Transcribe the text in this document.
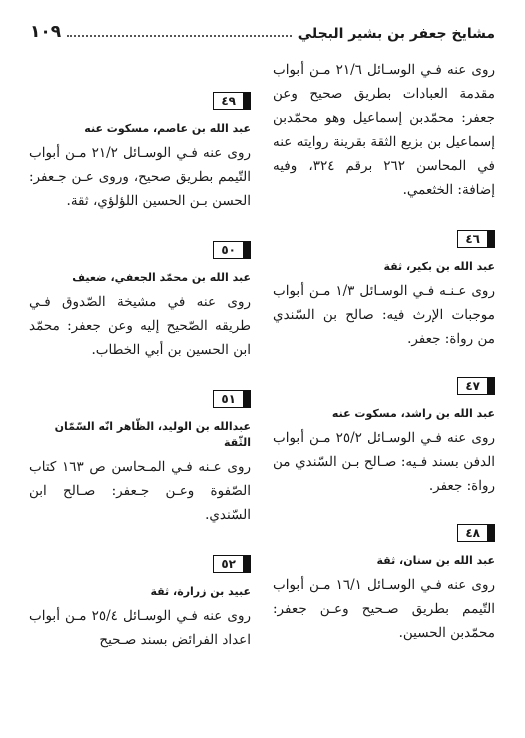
١٠٩	مشايخ جعفر بن بشير البجلي

روى عنه فـي الوسـائل ٢١/٦ مـن أبواب مقدمة العبادات بطريق صحيح وعن جعفر: محمّدبن إسماعيل وهو محمّدبن إسماعيل بن بزيع الثقة بقرينة روايته عنه في المحاسن ٢٦٢ برقم ٣٢٤، وفيه إضافة: الخثعمي.

٤٦
عبد الله بن بكير، ثقة

روى عـنـه فـي الوسـائل ١/٣ مـن أبواب موجبات الإرث فيه: صالح بن السّندي من رواة: جعفر.

٤٧
عبد الله بن راشد، مسكوت عنه

روى عنه فـي الوسـائل ٢٥/٢ مـن أبواب الدفن بسند فـيه: صـالح بـن السّندي من رواة: جعفر.

٤٨
عبد الله بن سنان، ثقة

روى عنه فـي الوسـائل ١٦/١ مـن أبواب التّيمم بطريق صـحيح وعـن جعفر: محمّدبن الحسين.

٤٩
عبد الله بن عاصم، مسكوت عنه

روى عنه فـي الوسـائل ٢١/٢ مـن أبواب التّيمم بطريق صحيح، وروى عـن جـعفر: الحسن بـن الحسين اللؤلؤي، ثقة.

٥٠
عبد الله بن محمّد الجعفي، ضعيف

روى عنه في مشيخة الصّدوق فـي طريقه الصّحيح إليه وعن جعفر: محمّد ابن الحسين بن أبي الخطاب.

٥١
عبدالله بن الوليد، الظّاهر انّه السّمّان الثّقة

روى عـنه فـي المـحاسن ص ١٦٣ كتاب الصّفوة وعـن جـعفر: صـالح ابن السّندي.

٥٢
عبيد بن زرارة، ثقة

روى عنه فـي الوسـائل ٢٥/٤ مـن أبواب اعداد الفرائض بسند صـحيح
